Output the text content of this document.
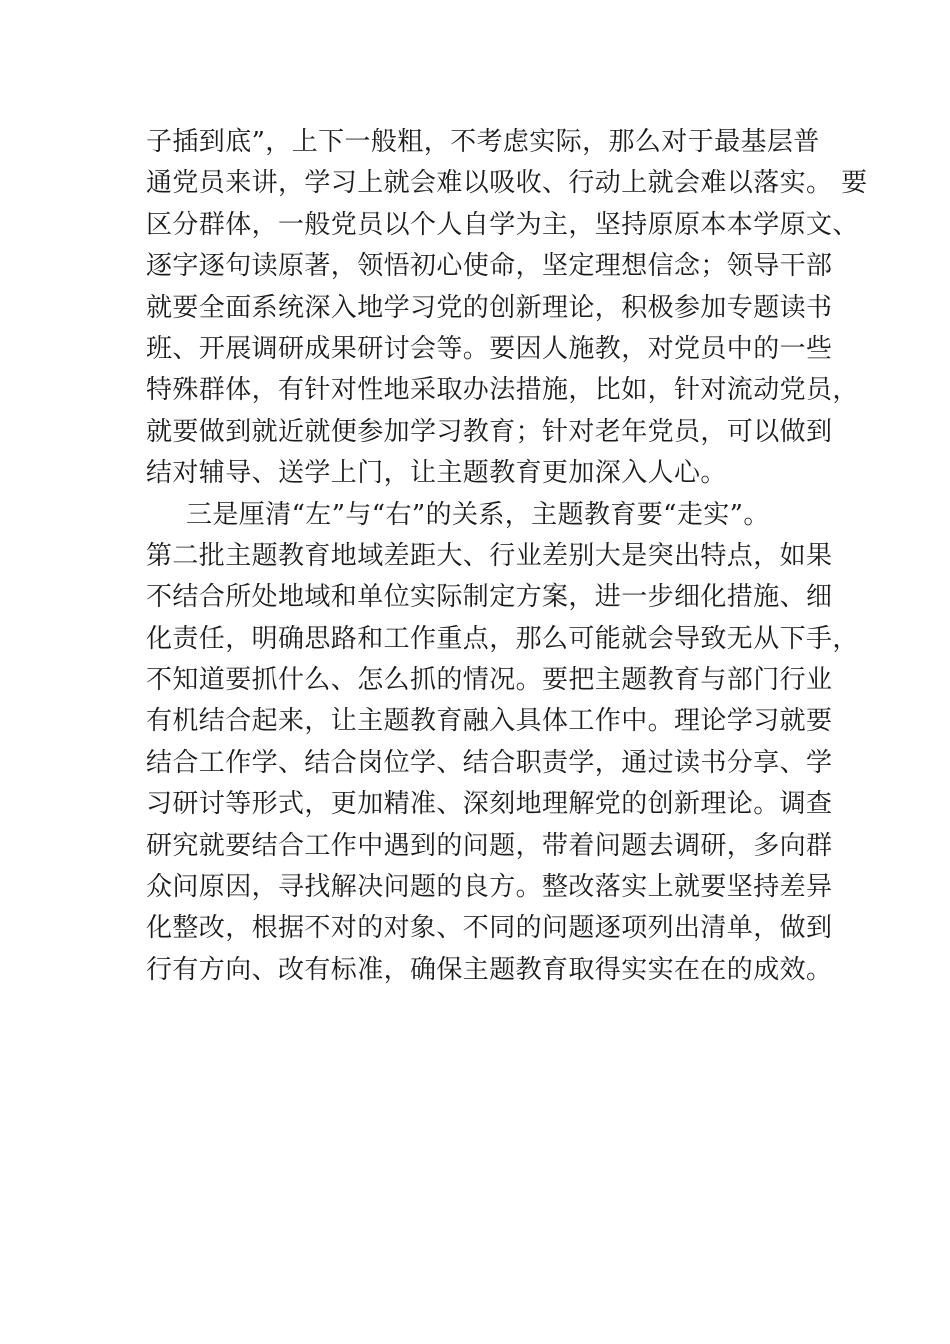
子插到底”，上下一般粗，不考虑实际，那么对于最基层普
通党员来讲，学习上就会难以吸收、行动上就会难以落实。 要
区分群体，一般党员以个人自学为主，坚持原原本本学原文、
逐字逐句读原著，领悟初心使命，坚定理想信念；领导干部
就要全面系统深入地学习党的创新理论，积极参加专题读书
班、开展调研成果研讨会等。要因人施教，对党员中的一些
特殊群体，有针对性地采取办法措施，比如，针对流动党员，
就要做到就近就便参加学习教育；针对老年党员，可以做到
结对辅导、送学上门，让主题教育更加深入人心。
三是厘清“左”与“右”的关系，主题教育要“走实”。
第二批主题教育地域差距大、行业差别大是突出特点，如果
不结合所处地域和单位实际制定方案，进一步细化措施、细
化责任，明确思路和工作重点，那么可能就会导致无从下手，
不知道要抓什么、怎么抓的情况。要把主题教育与部门行业
有机结合起来，让主题教育融入具体工作中。理论学习就要
结合工作学、结合岗位学、结合职责学，通过读书分享、学
习研讨等形式，更加精准、深刻地理解党的创新理论。调查
研究就要结合工作中遇到的问题，带着问题去调研，多向群
众问原因，寻找解决问题的良方。整改落实上就要坚持差异
化整改，根据不对的对象、不同的问题逐项列出清单，做到
行有方向、改有标准，确保主题教育取得实实在在的成效。
